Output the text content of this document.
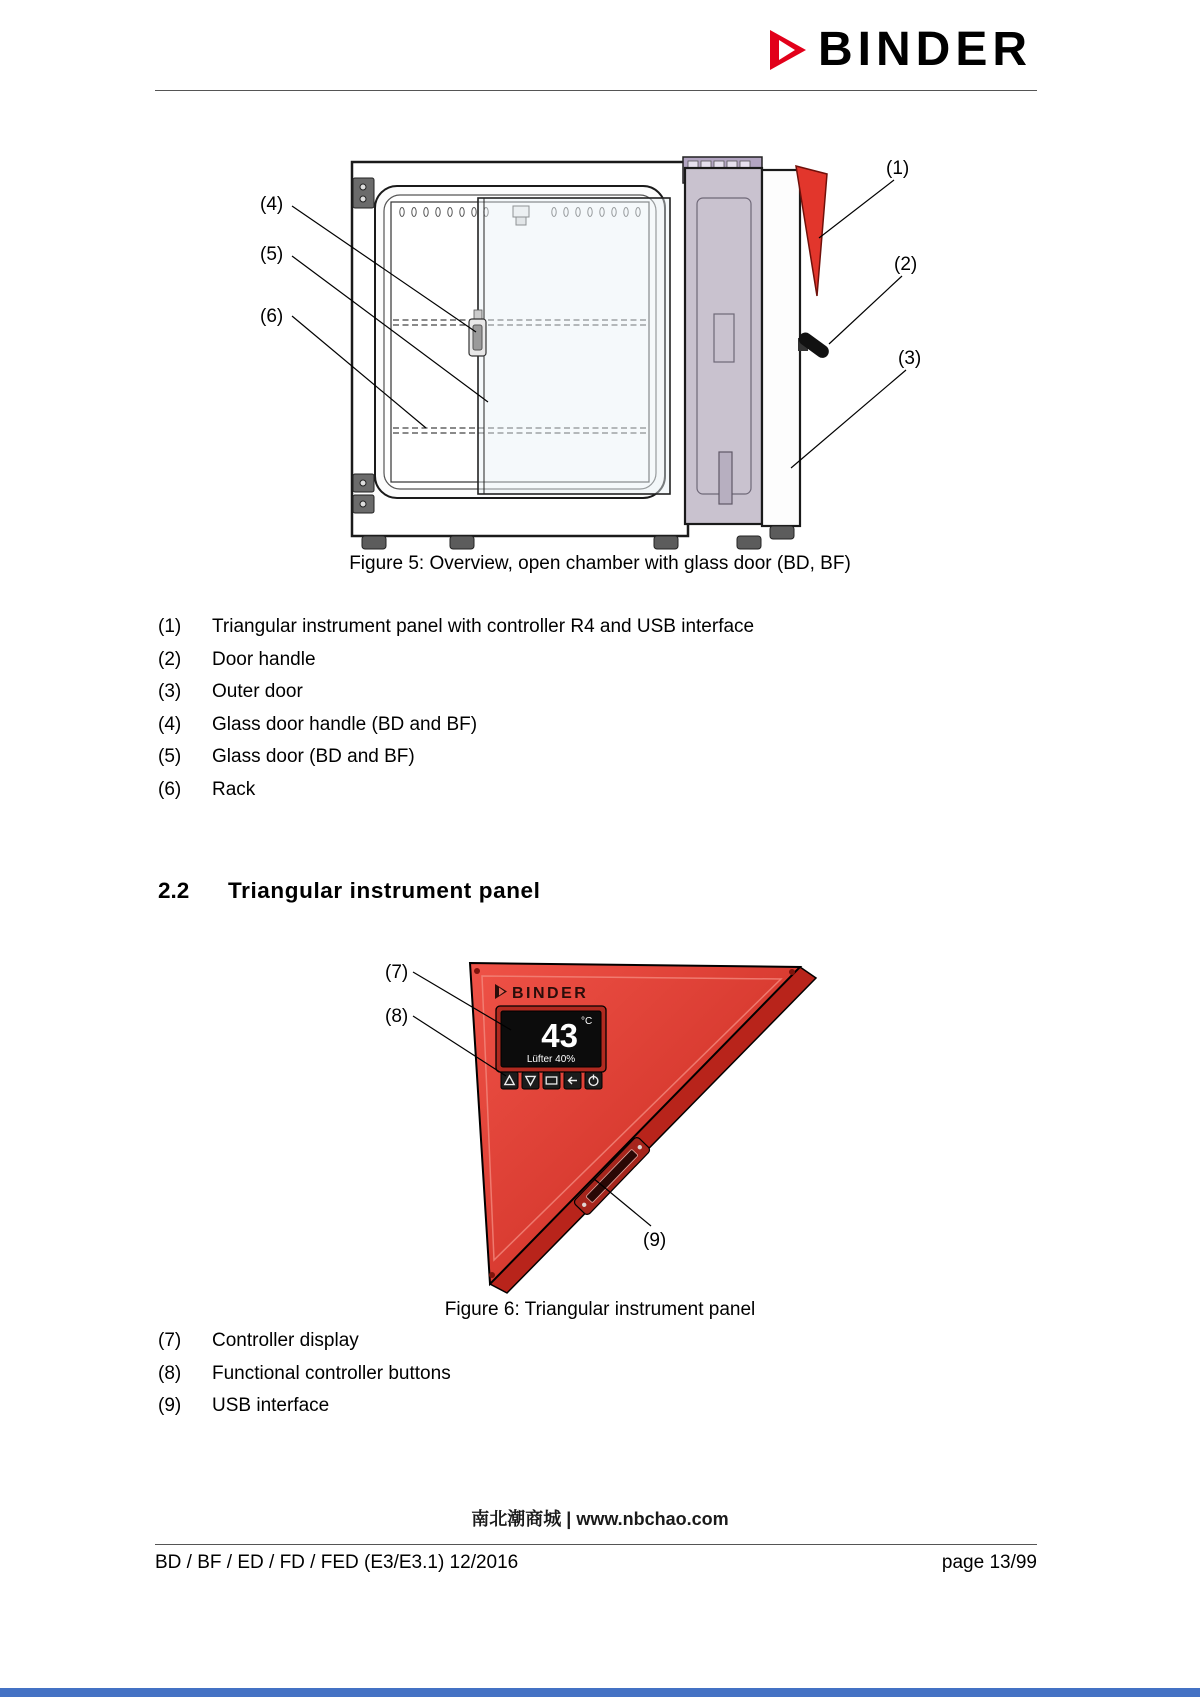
BINDER
(4)
(5)
(6)
(1)
(2)
(3)
Figure 5: Overview, open chamber with glass door (BD, BF)
(1)	Triangular instrument panel with controller R4 and USB interface
(2)	Door handle
(3)	Outer door
(4)	Glass door handle (BD and BF)
(5)	Glass door (BD and BF)
(6)	Rack
2.2	Triangular instrument panel
BINDER
43 °C
Lüfter 40%
(7)
(8)
(9)
Figure 6: Triangular instrument panel
(7)	Controller display
(8)	Functional controller buttons
(9)	USB interface
南北潮商城 | www.nbchao.com
BD / BF / ED / FD / FED (E3/E3.1) 12/2016	page 13/99
